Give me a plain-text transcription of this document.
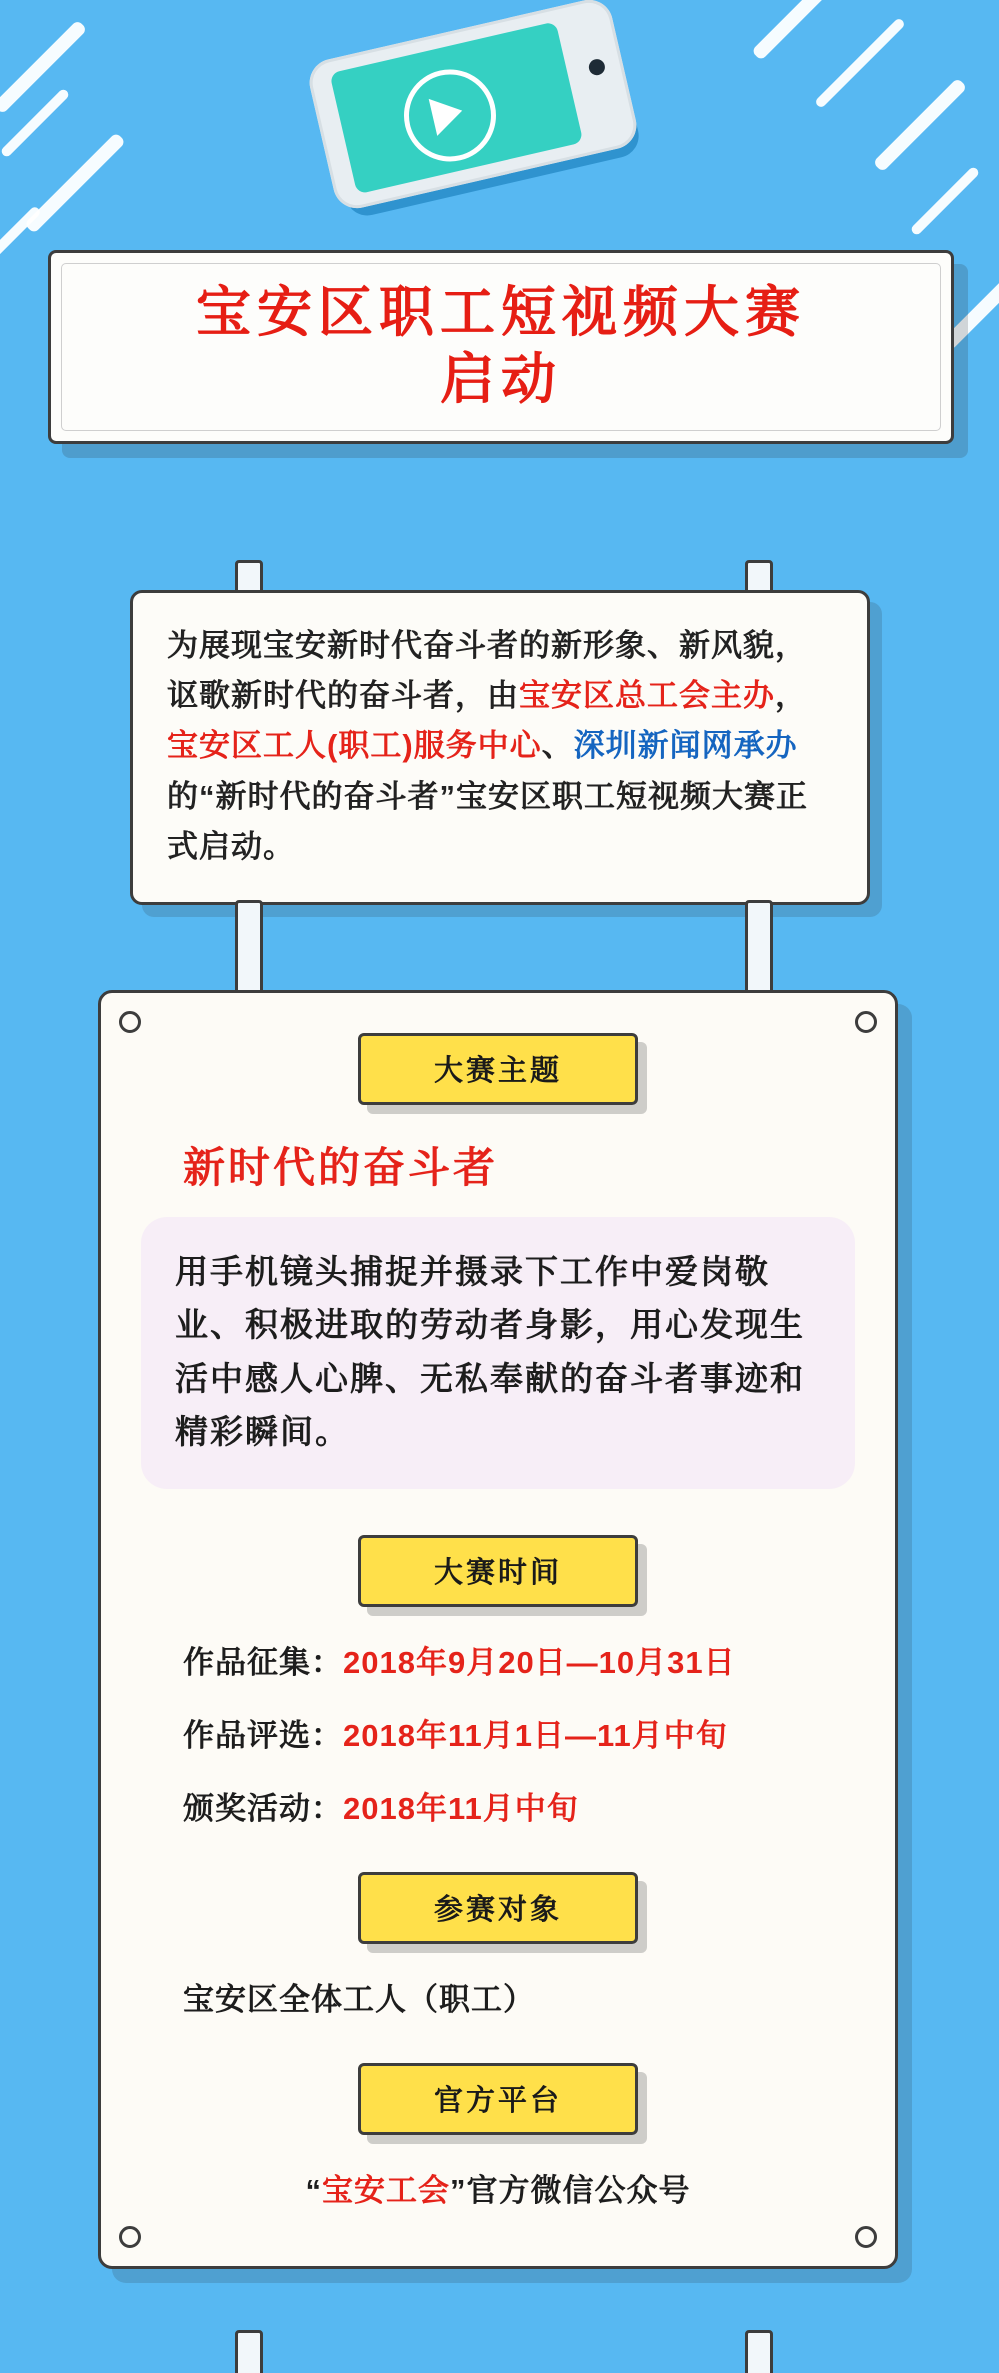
宝安区职工短视频大赛
启动

为展现宝安新时代奋斗者的新形象、新风貌，讴歌新时代的奋斗者，由宝安区总工会主办，宝安区工人(职工)服务中心、深圳新闻网承办的“新时代的奋斗者”宝安区职工短视频大赛正式启动。

大赛主题
新时代的奋斗者
用手机镜头捕捉并摄录下工作中爱岗敬业、积极进取的劳动者身影，用心发现生活中感人心脾、无私奉献的奋斗者事迹和精彩瞬间。
大赛时间

作品征集：2018年9月20日—10月31日

作品评选：2018年11月1日—11月中旬

颁奖活动：2018年11月中旬

参赛对象

宝安区全体工人（职工）

官方平台

“宝安工会”官方微信公众号
